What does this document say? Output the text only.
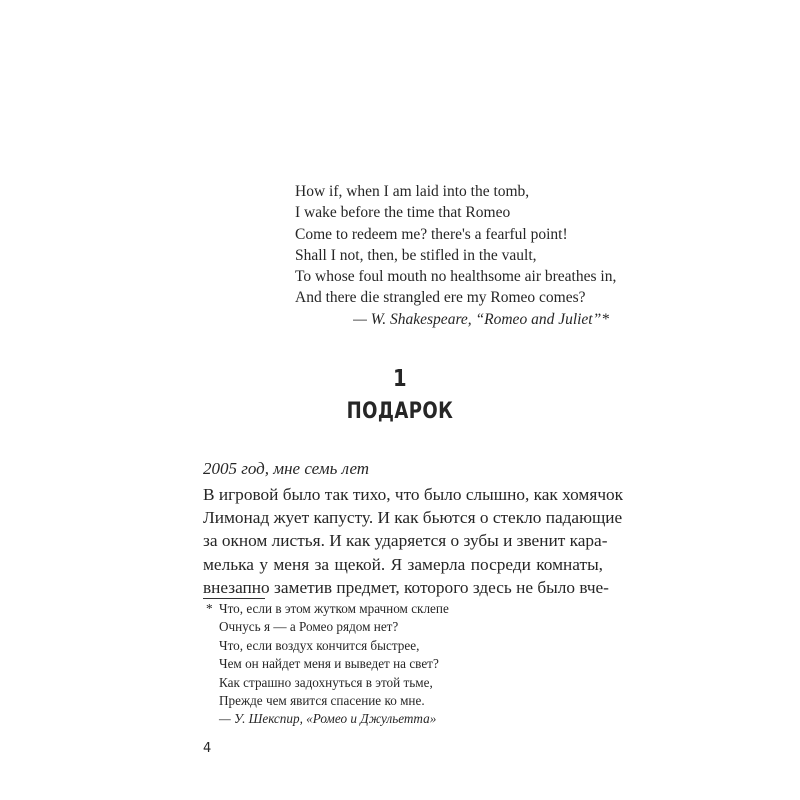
How if, when I am laid into the tomb,
I wake before the time that Romeo
Come to redeem me? there's a fearful point!
Shall I not, then, be stifled in the vault,
To whose foul mouth no healthsome air breathes in,
And there die strangled ere my Romeo comes?
— W. Shakespeare, “Romeo and Juliet”*
1
ПОДАРОК
2005 год, мне семь лет
В игровой было так тихо, что было слышно, как хомячок
Лимонад жует капусту. И как бьются о стекло падающие
за окном листья. И как ударяется о зубы и звенит кара-
мелька у меня за щекой. Я замерла посреди комнаты,
внезапно заметив предмет, которого здесь не было вче-
* Что, если в этом жутком мрачном склепе
Очнусь я — а Ромео рядом нет?
Что, если воздух кончится быстрее,
Чем он найдет меня и выведет на свет?
Как страшно задохнуться в этой тьме,
Прежде чем явится спасение ко мне.
— У. Шекспир, «Ромео и Джульетта»
4
